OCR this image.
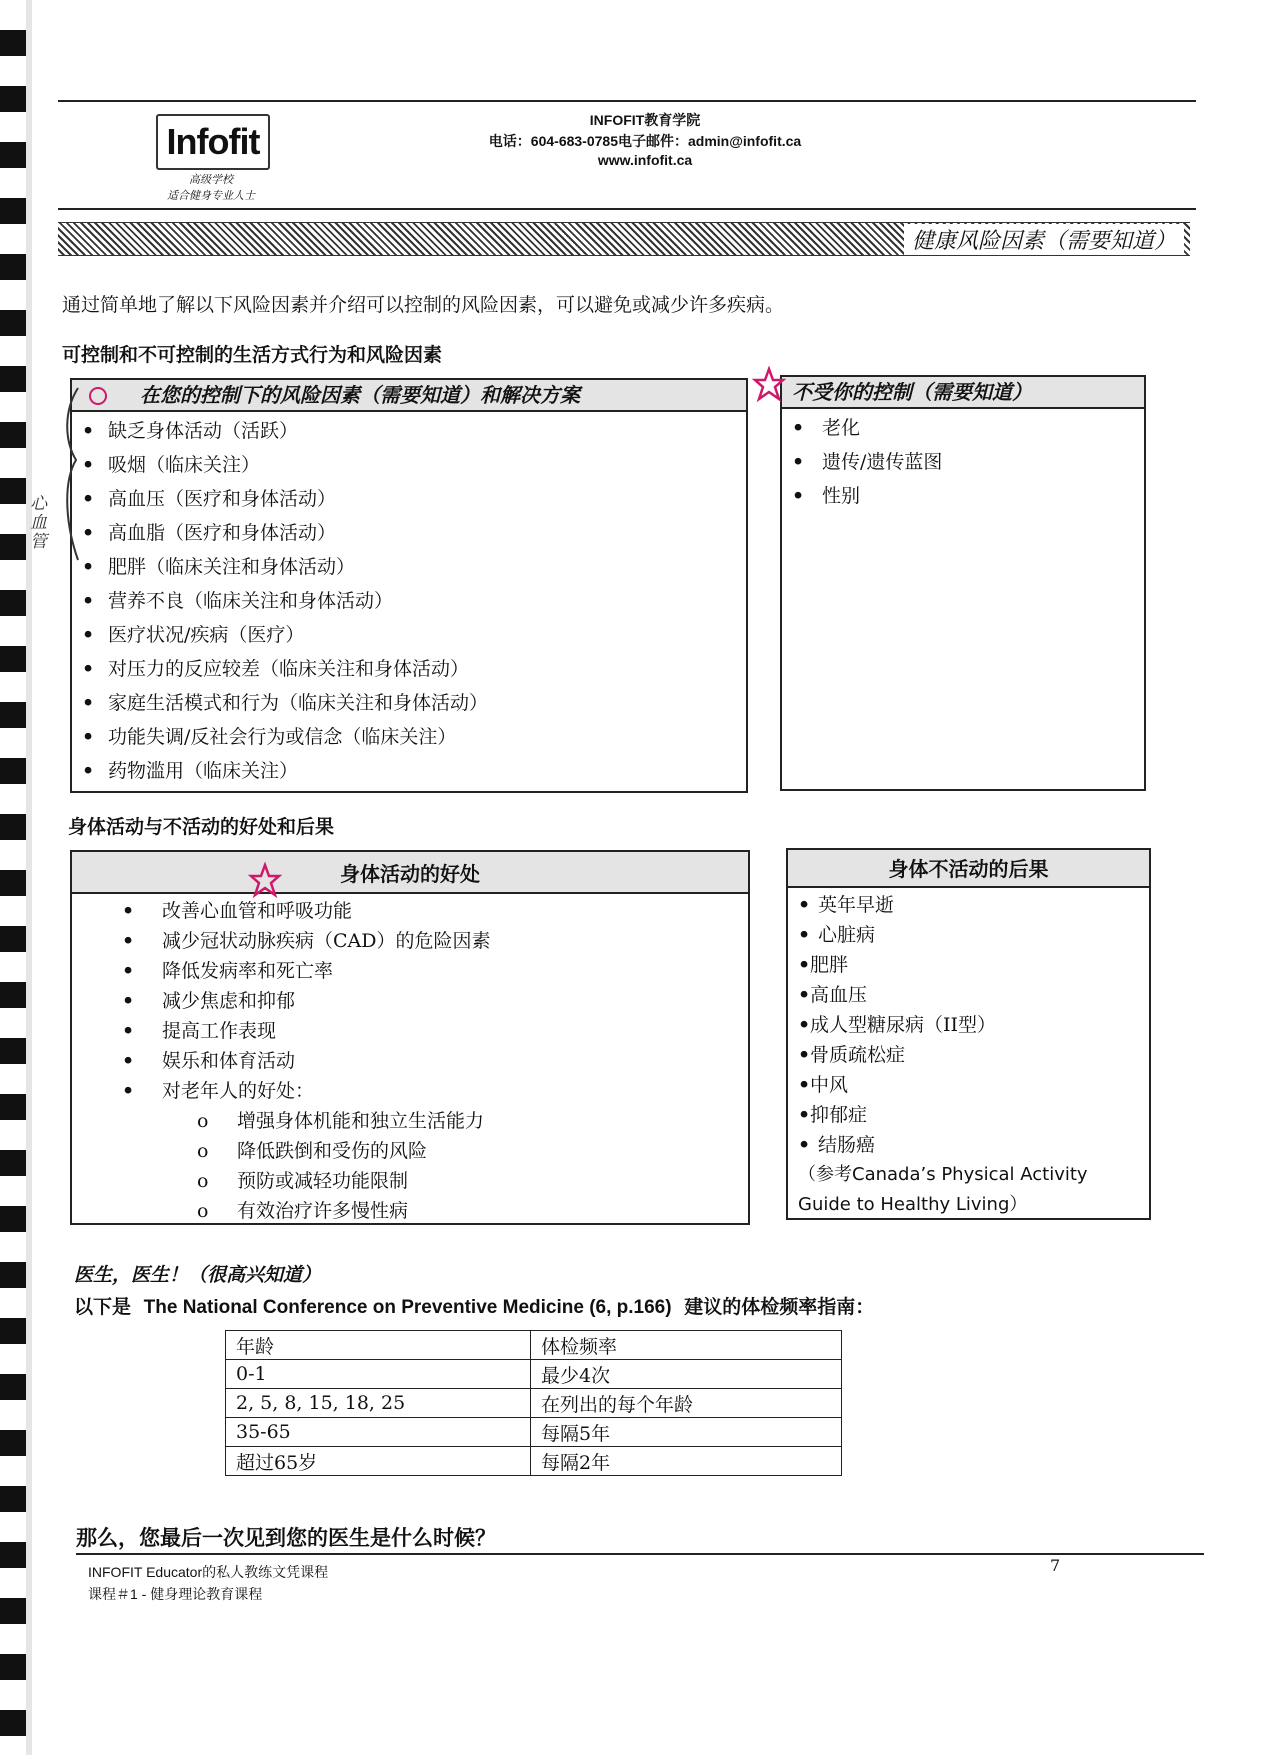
Infofit
高级学校
适合健身专业人士
INFOFIT教育学院
电话：604-683-0785电子邮件：admin@infofit.ca
www.infofit.ca
健康风险因素（需要知道）
通过简单地了解以下风险因素并介绍可以控制的风险因素，可以避免或减少许多疾病。
可控制和不可控制的生活方式行为和风险因素
在您的控制下的风险因素（需要知道）和解决方案
• 缺乏身体活动（活跃）
• 吸烟（临床关注）
• 高血压（医疗和身体活动）
• 高血脂（医疗和身体活动）
• 肥胖（临床关注和身体活动）
• 营养不良（临床关注和身体活动）
• 医疗状况/疾病（医疗）
• 对压力的反应较差（临床关注和身体活动）
• 家庭生活模式和行为（临床关注和身体活动）
• 功能失调/反社会行为或信念（临床关注）
• 药物滥用（临床关注）
不受你的控制（需要知道）
• 老化
• 遗传/遗传蓝图
• 性别
身体活动与不活动的好处和后果
身体活动的好处
• 改善心血管和呼吸功能
• 减少冠状动脉疾病（CAD）的危险因素
• 降低发病率和死亡率
• 减少焦虑和抑郁
• 提高工作表现
• 娱乐和体育活动
• 对老年人的好处：
o 增强身体机能和独立生活能力
o 降低跌倒和受伤的风险
o 预防或减轻功能限制
o 有效治疗许多慢性病
身体不活动的后果
• 英年早逝
• 心脏病
• 肥胖
• 高血压
• 成人型糖尿病（II型）
• 骨质疏松症
• 中风
• 抑郁症
• 结肠癌
（参考Canada’s Physical Activity
Guide to Healthy Living）
医生，医生！（很高兴知道）
以下是 The National Conference on Preventive Medicine (6, p.166) 建议的体检频率指南：
年龄	体检频率
0-1	最少4次
2, 5, 8, 15, 18, 25	在列出的每个年龄
35-65	每隔5年
超过65岁	每隔2年
那么，您最后一次见到您的医生是什么时候？
INFOFIT Educator的私人教练文凭课程
课程＃1 - 健身理论教育课程
7
心血管
